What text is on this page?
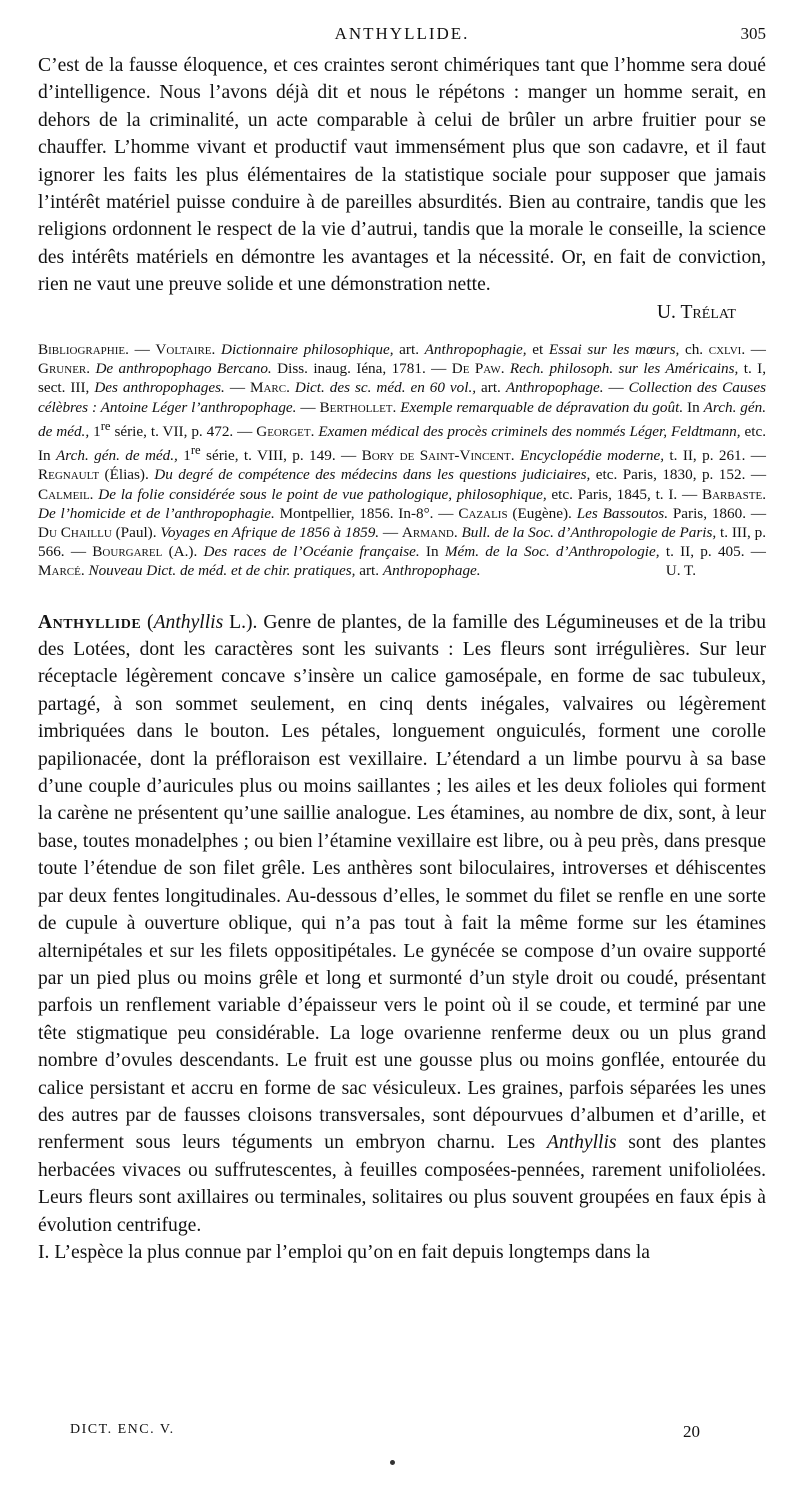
ANTHYLLIDE.	305

C’est de la fausse éloquence, et ces craintes seront chimériques tant que l’homme sera doué d’intelligence. Nous l’avons déjà dit et nous le répétons : manger un homme serait, en dehors de la criminalité, un acte comparable à celui de brûler un arbre fruitier pour se chauffer. L’homme vivant et productif vaut immensément plus que son cadavre, et il faut ignorer les faits les plus élémentaires de la statistique sociale pour supposer que jamais l’intérêt matériel puisse conduire à de pareilles absurdités. Bien au contraire, tandis que les religions ordonnent le respect de la vie d’autrui, tandis que la morale le conseille, la science des intérêts matériels en démontre les avantages et la nécessité. Or, en fait de conviction, rien ne vaut une preuve solide et une démonstration nette.

U. Trélat

Bibliographie. — Voltaire. Dictionnaire philosophique, art. Anthropophagie, et Essai sur les mœurs, ch. cxlvi. — Gruner. De anthropophago Bercano. Diss. inaug. Iéna, 1781. — De Paw. Rech. philosoph. sur les Américains, t. I, sect. III, Des anthropophages. — Marc. Dict. des sc. méd. en 60 vol., art. Anthropophage. — Collection des Causes célèbres : Antoine Léger l’anthropophage. — Berthollet. Exemple remarquable de dépravation du goût. In Arch. gén. de méd., 1re série, t. VII, p. 472. — Georget. Examen médical des procès criminels des nommés Léger, Feldtmann, etc. In Arch. gén. de méd., 1re série, t. VIII, p. 149. — Bory de Saint-Vincent. Encyclopédie moderne, t. II, p. 261. — Regnault (Élias). Du degré de compétence des médecins dans les questions judiciaires, etc. Paris, 1830, p. 152. — Calmeil. De la folie considérée sous le point de vue pathologique, philosophique, etc. Paris, 1845, t. I. — Barbaste. De l’homicide et de l’anthropophagie. Montpellier, 1856. In-8°. — Cazalis (Eugène). Les Bassoutos. Paris, 1860. — Du Chaillu (Paul). Voyages en Afrique de 1856 à 1859. — Armand. Bull. de la Soc. d’Anthropologie de Paris, t. III, p. 566. — Bourgarel (A.). Des races de l’Océanie française. In Mém. de la Soc. d’Anthropologie, t. II, p. 405. — Marcé. Nouveau Dict. de méd. et de chir. pratiques, art. Anthropophage.	U. T.

Anthyllide (Anthyllis L.). Genre de plantes, de la famille des Légumineuses et de la tribu des Lotées, dont les caractères sont les suivants : Les fleurs sont irrégulières. Sur leur réceptacle légèrement concave s’insère un calice gamosépale, en forme de sac tubuleux, partagé, à son sommet seulement, en cinq dents inégales, valvaires ou légèrement imbriquées dans le bouton. Les pétales, longuement onguiculés, forment une corolle papilionacée, dont la préfloraison est vexillaire. L’étendard a un limbe pourvu à sa base d’une couple d’auricules plus ou moins saillantes ; les ailes et les deux folioles qui forment la carène ne présentent qu’une saillie analogue. Les étamines, au nombre de dix, sont, à leur base, toutes monadelphes ; ou bien l’étamine vexillaire est libre, ou à peu près, dans presque toute l’étendue de son filet grêle. Les anthères sont biloculaires, introverses et déhiscentes par deux fentes longitudinales. Au-dessous d’elles, le sommet du filet se renfle en une sorte de cupule à ouverture oblique, qui n’a pas tout à fait la même forme sur les étamines alternipétales et sur les filets oppositipétales. Le gynécée se compose d’un ovaire supporté par un pied plus ou moins grêle et long et surmonté d’un style droit ou coudé, présentant parfois un renflement variable d’épaisseur vers le point où il se coude, et terminé par une tête stigmatique peu considérable. La loge ovarienne renferme deux ou un plus grand nombre d’ovules descendants. Le fruit est une gousse plus ou moins gonflée, entourée du calice persistant et accru en forme de sac vésiculeux. Les graines, parfois séparées les unes des autres par de fausses cloisons transversales, sont dépourvues d’albumen et d’arille, et renferment sous leurs téguments un embryon charnu. Les Anthyllis sont des plantes herbacées vivaces ou suffrutescentes, à feuilles composées-pennées, rarement unifoliolées. Leurs fleurs sont axillaires ou terminales, solitaires ou plus souvent groupées en faux épis à évolution centrifuge.

I. L’espèce la plus connue par l’emploi qu’on en fait depuis longtemps dans la

DICT. ENC. V.	20
